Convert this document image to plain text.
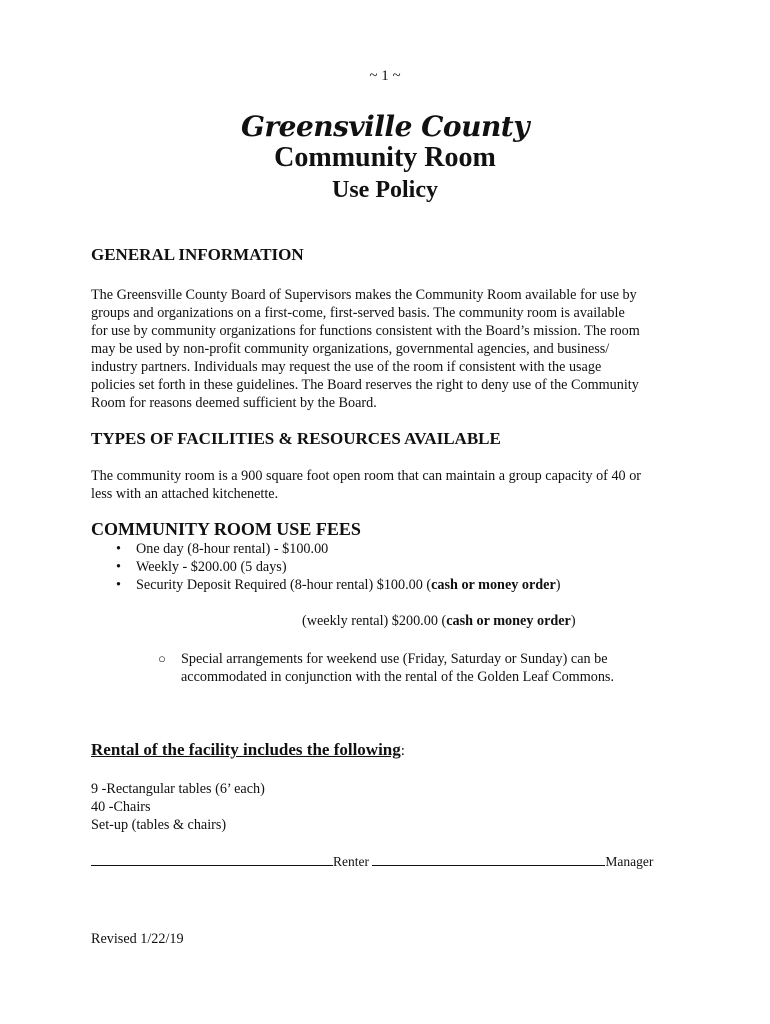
~ 1 ~
Greensville County
Community Room
Use Policy
GENERAL INFORMATION
The Greensville County Board of Supervisors makes the Community Room available for use by
groups and organizations on a first-come, first-served basis. The community room is available
for use by community organizations for functions consistent with the Board’s mission. The room
may be used by non-profit community organizations, governmental agencies, and business/
industry partners. Individuals may request the use of the room if consistent with the usage
policies set forth in these guidelines. The Board reserves the right to deny use of the Community
Room for reasons deemed sufficient by the Board.
TYPES OF FACILITIES & RESOURCES AVAILABLE
The community room is a 900 square foot open room that can maintain a group capacity of 40 or
less with an attached kitchenette.
COMMUNITY ROOM USE FEES
• One day (8-hour rental) - $100.00
• Weekly - $200.00 (5 days)
• Security Deposit Required (8-hour rental) $100.00 (cash or money order)
(weekly rental) $200.00 (cash or money order)
○ Special arrangements for weekend use (Friday, Saturday or Sunday) can be
accommodated in conjunction with the rental of the Golden Leaf Commons.
Rental of the facility includes the following:
9 -Rectangular tables (6’ each)
40 -Chairs
Set-up (tables & chairs)
Renter	Manager
Revised 1/22/19
